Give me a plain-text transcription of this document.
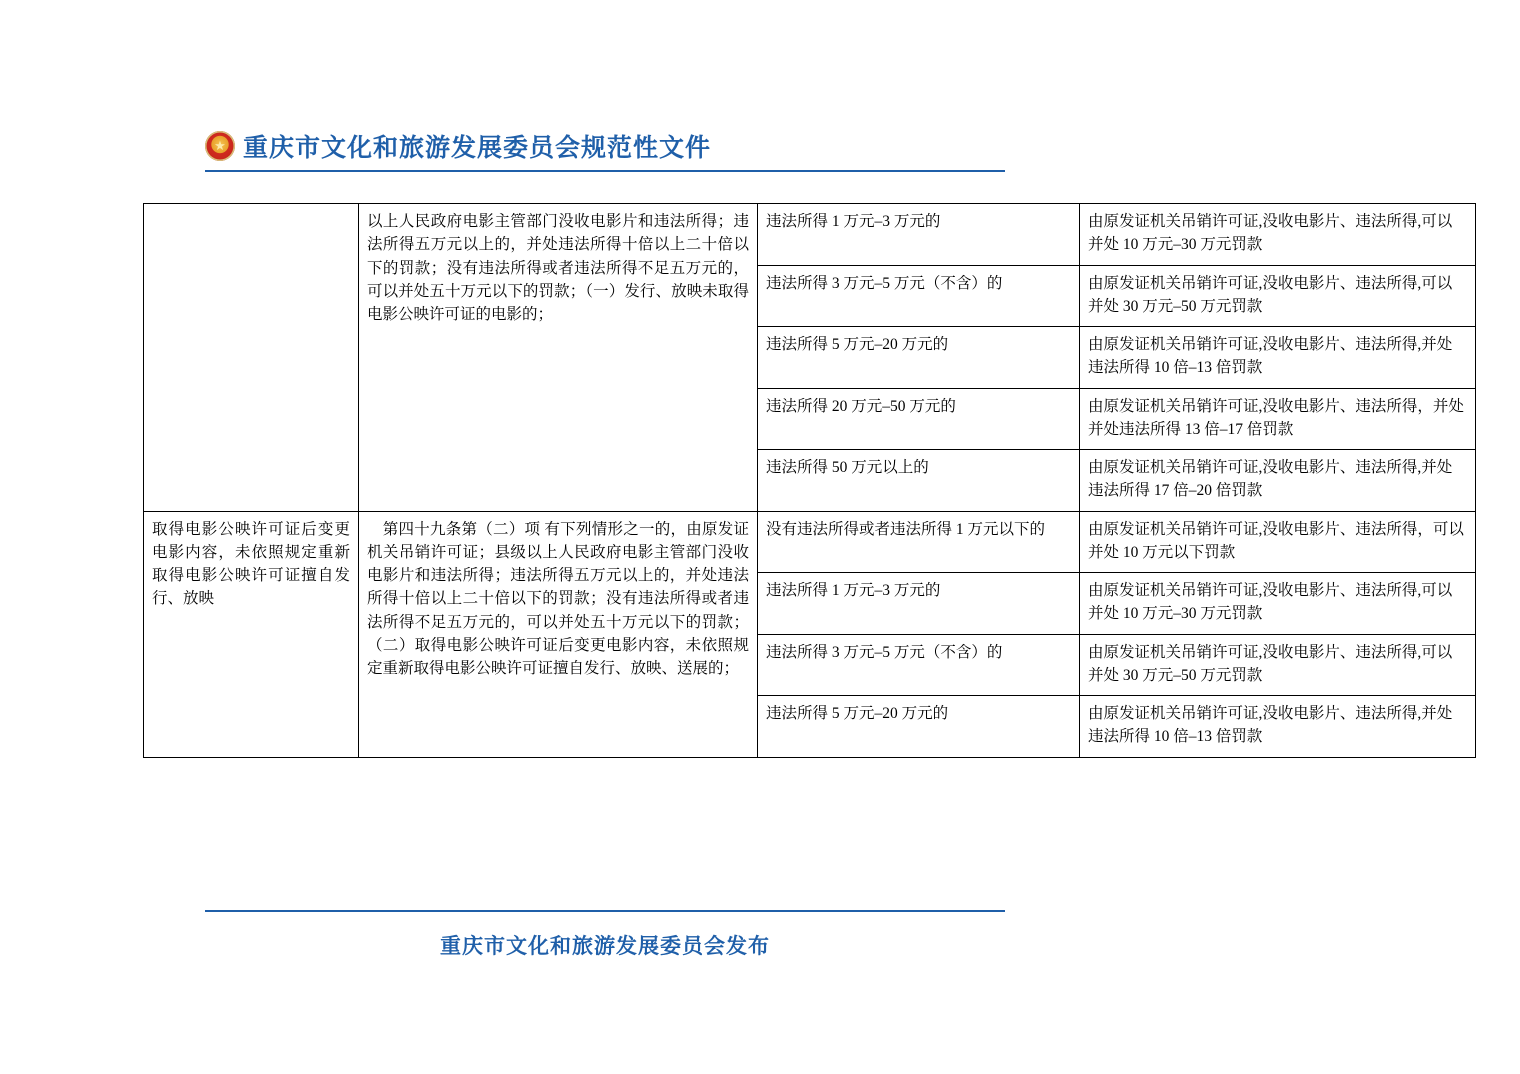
★
重庆市文化和旅游发展委员会规范性文件
	以上人民政府电影主管部门没收电影片和违法所得；违法所得五万元以上的，并处违法所得十倍以上二十倍以下的罚款；没有违法所得或者违法所得不足五万元的，可以并处五十万元以下的罚款；（一）发行、放映未取得电影公映许可证的电影的；	违法所得 1 万元–3 万元的	由原发证机关吊销许可证,没收电影片、违法所得,可以并处 10 万元–30 万元罚款
		违法所得 3 万元–5 万元（不含）的	由原发证机关吊销许可证,没收电影片、违法所得,可以并处 30 万元–50 万元罚款
		违法所得 5 万元–20 万元的	由原发证机关吊销许可证,没收电影片、违法所得,并处违法所得 10 倍–13 倍罚款
		违法所得 20 万元–50 万元的	由原发证机关吊销许可证,没收电影片、违法所得，并处并处违法所得 13 倍–17 倍罚款
		违法所得 50 万元以上的	由原发证机关吊销许可证,没收电影片、违法所得,并处违法所得 17 倍–20 倍罚款
取得电影公映许可证后变更电影内容，未依照规定重新取得电影公映许可证擅自发行、放映	　第四十九条第（二）项 有下列情形之一的，由原发证机关吊销许可证；县级以上人民政府电影主管部门没收电影片和违法所得；违法所得五万元以上的，并处违法所得十倍以上二十倍以下的罚款；没有违法所得或者违法所得不足五万元的，可以并处五十万元以下的罚款；（二）取得电影公映许可证后变更电影内容，未依照规定重新取得电影公映许可证擅自发行、放映、送展的；	没有违法所得或者违法所得 1 万元以下的	由原发证机关吊销许可证,没收电影片、违法所得，可以并处 10 万元以下罚款
		违法所得 1 万元–3 万元的	由原发证机关吊销许可证,没收电影片、违法所得,可以并处 10 万元–30 万元罚款
		违法所得 3 万元–5 万元（不含）的	由原发证机关吊销许可证,没收电影片、违法所得,可以并处 30 万元–50 万元罚款
		违法所得 5 万元–20 万元的	由原发证机关吊销许可证,没收电影片、违法所得,并处违法所得 10 倍–13 倍罚款
重庆市文化和旅游发展委员会发布
